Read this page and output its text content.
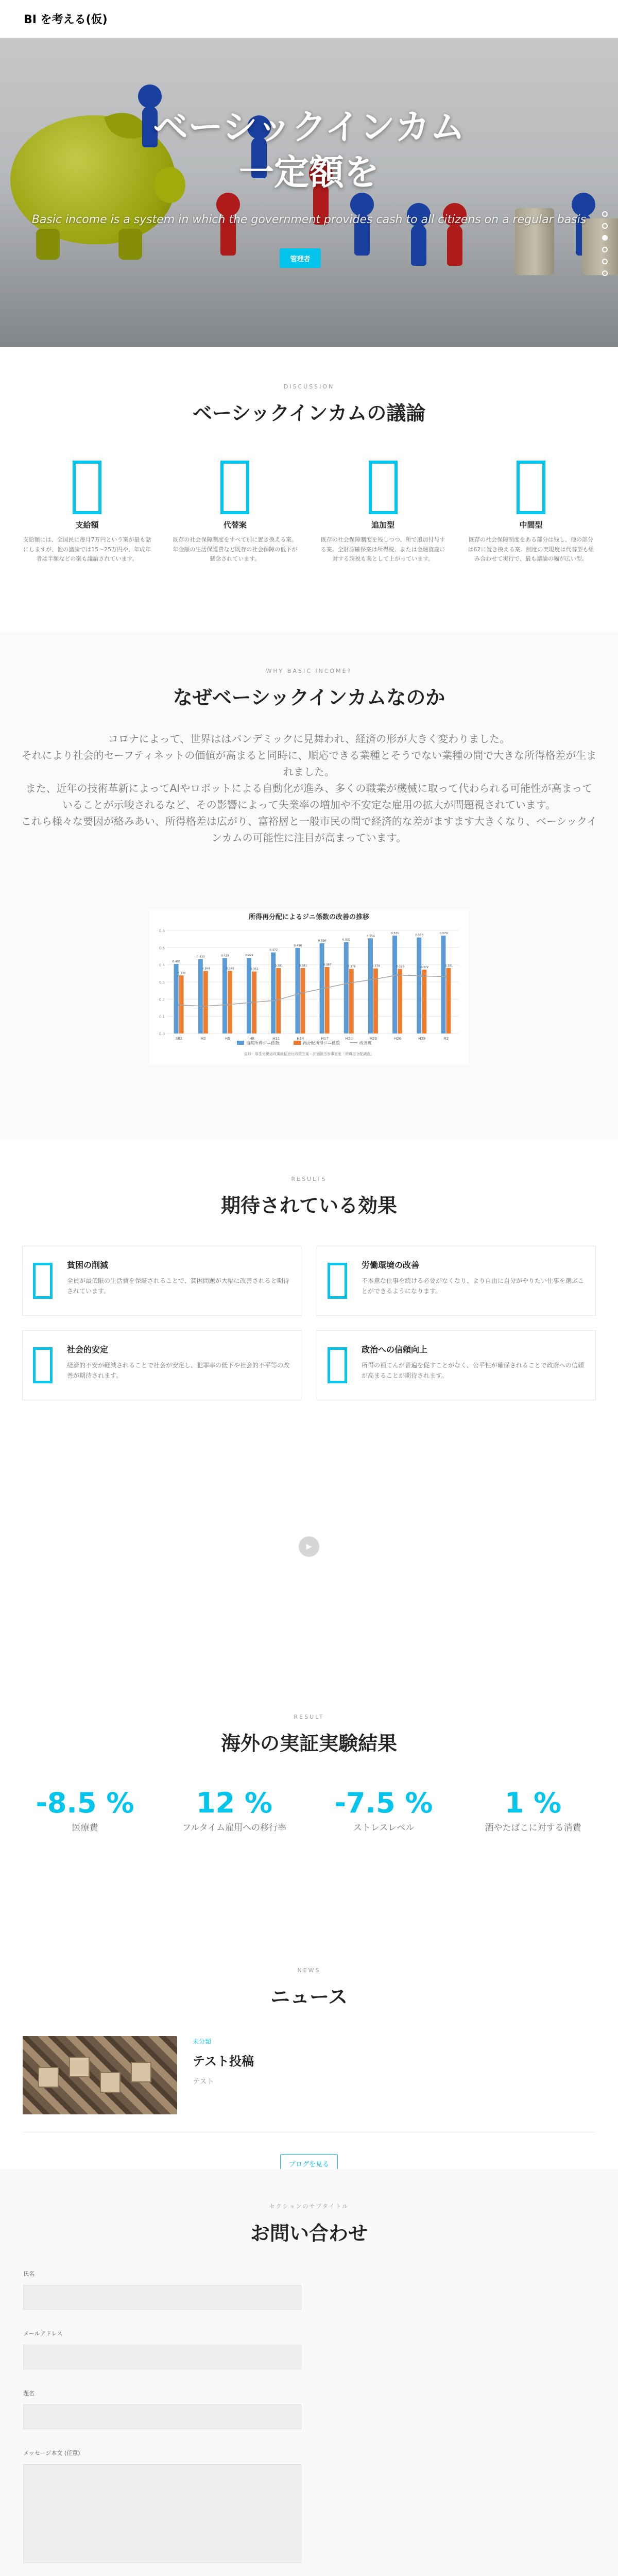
BI を考える(仮)
ベーシックインカム
一定額を

Basic income is a system in which the government provides cash to all citizens on a regular basis

管理者
DISCUSSION
ベーシックインカムの議論
支給額

支給額には、全国民に毎月7万円という案が最も話にしますが、他の議論では15〜25万円や、年成年者は半額などの案も議論されています。

代替案

既存の社会保障制度をすべて別に置き換える案。年金額の生活保護費など既存の社会保障の低下が懸念されています。

追加型

既存の社会保障制度を残しつつ、所で追加付与する案。全財源確保案は所得税、または金融資産に対する課税も案として上がっています。

中間型

既存の社会保障制度をある部分は残し、他の部分は62に置き換える案。制度の実現度は代替型も組み合わせて実行で、最も議論の幅が広い型。

WHY BASIC INCOME?
なぜベーシックインカムなのか

コロナによって、世界ははパンデミックに見舞われ、経済の形が大きく変わりました。

それにより社会的セーフティネットの価値が高まると同時に、順応できる業種とそうでない業種の間で大きな所得格差が生まれました。

また、近年の技術革新によってAIやロボットによる自動化が進み、多くの職業が機械に取って代わられる可能性が高まっていることが示唆されるなど、その影響によって失業率の増加や不安定な雇用の拡大が問題視されています。

これら様々な要因が絡みあい、所得格差は広がり、富裕層と一般市民の間で経済的な差がますます大きくなり、ベーシックインカムの可能性に注目が高まっています。

所得再分配によるジニ係数の改善の推移
0.0
0.1
0.2
0.3
0.4
0.5
0.6
S62
0.405
0.338
H2
0.433
0.364
H5
0.439
0.365
H8
0.441
0.361
H11
0.472
0.381
H14
0.498
0.381
H17
0.526
0.387
H20
0.532
0.376
H23
0.554
0.379
H26
0.570
0.376
H29
0.559
0.372
R2
0.570
0.381
当初所得ジニ係数	再分配所得ジニ係数	改善度
資料：厚生労働省政策統括官付政策立案・評価担当参事官室「所得再分配調査」
RESULTS
期待されている効果
貧困の削減

全員が最低限の生活費を保証されることで、貧困問題が大幅に改善されると期待されています。

労働環境の改善

不本意な仕事を続ける必要がなくなり、より自由に自分がやりたい仕事を選ぶことができるようになります。

社会的安定

経済的不安が軽減されることで社会が安定し、犯罪率の低下や社会的不平等の改善が期待されます。

政治への信頼向上

所得の補てんが普遍を促すことがなく、公平性が確保されることで政府への信頼が高まることが期待されます。

▶
RESULT
海外の実証実験結果
-8.5 %
医療費
12 %
フルタイム雇用への移行率
-7.5 %
ストレスレベル
1 %
酒やたばこに対する消費
NEWS
ニュース
未分類
テスト投稿

テスト

ブログを見る
セクションのサブタイトル
お問い合わせ
氏名
メールアドレス
題名
メッセージ本文 (任意)
